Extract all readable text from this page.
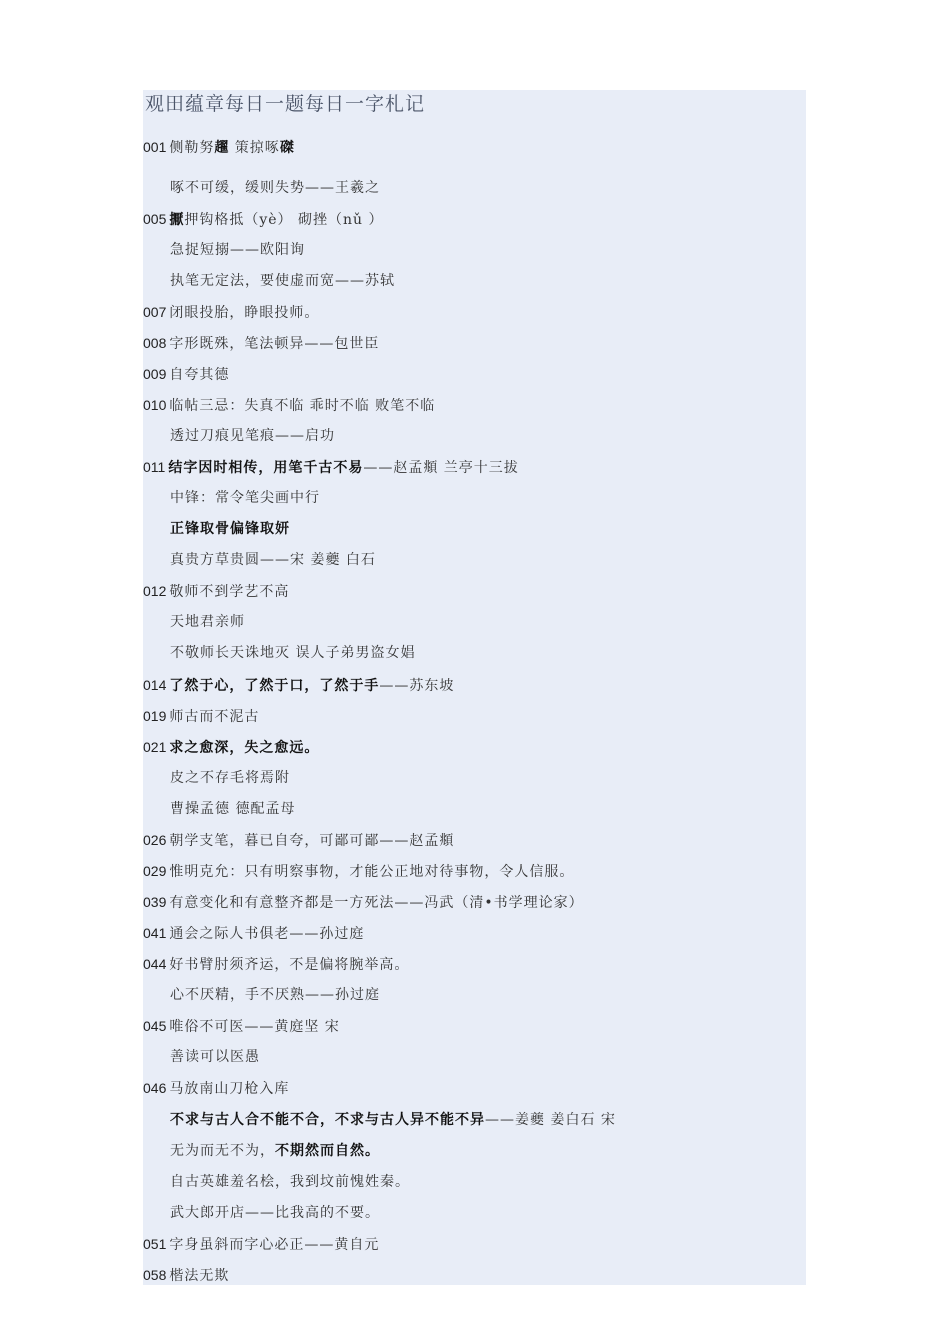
观田蕴章每日一题每日一字札记
001 侧勒努趯 策掠啄磔
啄不可缓，缓则失势——王羲之
005 擫押钩格抵（yè） 砌挫（nǔ ）
急捉短搦——欧阳询
执笔无定法，要使虚而宽——苏轼
007 闭眼投胎，睁眼投师。
008 字形既殊，笔法顿异——包世臣
009 自夸其德
010 临帖三忌：失真不临 乖时不临 败笔不临
透过刀痕见笔痕——启功
011 结字因时相传，用笔千古不易——赵孟頫 兰亭十三拔
中锋：常令笔尖画中行
正锋取骨偏锋取妍
真贵方草贵圆——宋 姜夔 白石
012 敬师不到学艺不高
天地君亲师
不敬师长天诛地灭 误人子弟男盗女娼
014 了然于心，了然于口，了然于手——苏东坡
019 师古而不泥古
021 求之愈深，失之愈远。
皮之不存毛将焉附
曹操孟德 德配孟母
026 朝学支笔，暮已自夸，可鄙可鄙——赵孟頫
029 惟明克允：只有明察事物，才能公正地对待事物，令人信服。
039 有意变化和有意整齐都是一方死法——冯武（清•书学理论家）
041 通会之际人书俱老——孙过庭
044 好书臂肘须齐运，不是偏将腕举高。
心不厌精，手不厌熟——孙过庭
045 唯俗不可医——黄庭坚 宋
善读可以医愚
046 马放南山刀枪入库
不求与古人合不能不合，不求与古人异不能不异——姜夔 姜白石 宋
无为而无不为，不期然而自然。
自古英雄羞名桧，我到坟前愧姓秦。
武大郎开店——比我高的不要。
051 字身虽斜而字心必正——黄自元
058 楷法无欺
